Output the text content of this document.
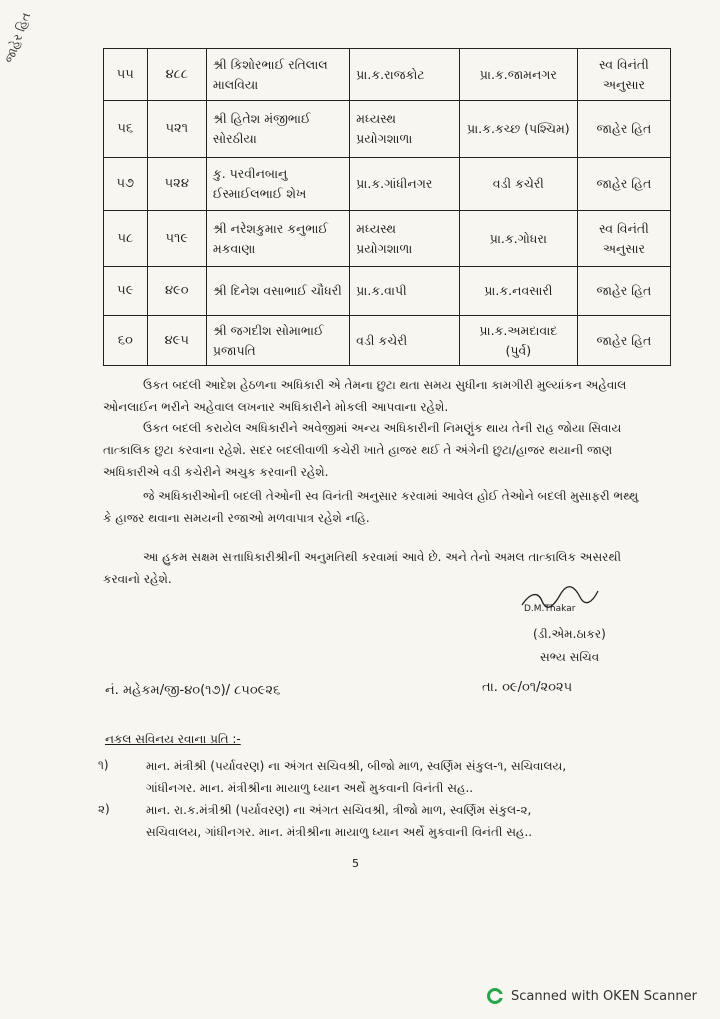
જાહેર હિત
૫૫	૪૮૮	શ્રી કિશોરભાઈ રતિલાલ માલવિયા	પ્રા.ક.રાજકોટ	પ્રા.ક.જામનગર	સ્વ વિનંતી અનુસાર
૫૬	૫૨૧	શ્રી હિતેશ મંજીભાઈ સોરઠીયા	મધ્યસ્થ પ્રયોગશાળા	પ્રા.ક.કચ્છ (પશ્ચિમ)	જાહેર હિત
૫૭	૫૨૪	કુ. પરવીનબાનુ ઈસ્માઈલભાઈ શેખ	પ્રા.ક.ગાંધીનગર	વડી કચેરી	જાહેર હિત
૫૮	૫૧૯	શ્રી નરેશકુમાર કનુભાઈ મકવાણા	મધ્યસ્થ પ્રયોગશાળા	પ્રા.ક.ગોધરા	સ્વ વિનંતી અનુસાર
૫૯	૪૯૦	શ્રી દિનેશ વસાભાઈ ચૌધરી	પ્રા.ક.વાપી	પ્રા.ક.નવસારી	જાહેર હિત
૬૦	૪૯૫	શ્રી જગદીશ સોમાભાઈ પ્રજાપતિ	વડી કચેરી	પ્રા.ક.અમદાવાદ (પુર્વ)	જાહેર હિત
ઉકત બદલી આદેશ હેઠળના અધિકારી એ તેમના છુટા થતા સમય સુધીના કામગીરી મુલ્યાંકન અહેવાલ ઓનલાઈન ભરીને અહેવાલ લખનાર અધિકારીને મોકલી આપવાના રહેશે.
ઉકત બદલી કરાયેલ અધિકારીને અવેજીમાં અન્ય અધિકારીની નિમણુંક થાય તેની રાહ જોયા સિવાય તાત્કાલિક છુટા કરવાના રહેશે. સદર બદલીવાળી કચેરી ખાતે હાજર થઈ તે અંગેની છુટા/હાજર થયાની જાણ અધિકારીએ વડી કચેરીને અચુક કરવાની રહેશે.
જે અધિકારીઓની બદલી તેઓની સ્વ વિનંતી અનુસાર કરવામાં આવેલ હોઈ તેઓને બદલી મુસાફરી ભથ્થુ કે હાજર થવાના સમયની રજાઓ મળવાપાત્ર રહેશે નહિ.
આ હુકમ સક્ષમ સત્તાધિકારીશ્રીની અનુમતિથી કરવામાં આવે છે. અને તેનો અમલ તાત્કાલિક અસરથી કરવાનો રહેશે.
D.M.Thakar
(ડી.એમ.ઠાકર)
સભ્ય સચિવ
નં. મહેકમ/જી-૪૦(૧૭)/ ૮૫૦૯૨૬	તા. ૦૯/૦૧/૨૦૨૫
નકલ સવિનય રવાના પ્રતિ :-
૧)	માન. મંત્રીશ્રી (પર્યાવરણ) ના અંગત સચિવશ્રી, બીજો માળ, સ્વર્ણિમ સંકુલ-૧, સચિવાલય, ગાંધીનગર. માન. મંત્રીશ્રીના માયાળુ ધ્યાન અર્થે મુકવાની વિનંતી સહ..
૨)	માન. રા.ક.મંત્રીશ્રી (પર્યાવરણ) ના અંગત સચિવશ્રી, ત્રીજો માળ, સ્વર્ણિમ સંકુલ-૨, સચિવાલય, ગાંધીનગર. માન. મંત્રીશ્રીના માયાળુ ધ્યાન અર્થે મુકવાની વિનંતી સહ..
5
Scanned with OKEN Scanner
